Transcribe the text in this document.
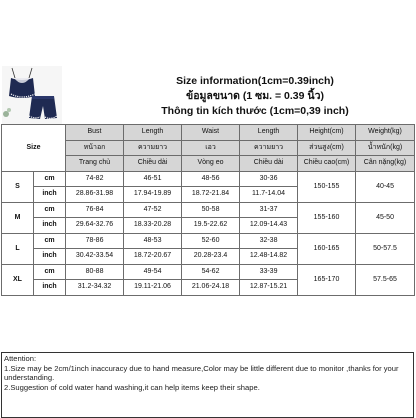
Size information(1cm=0.39inch)
ข้อมูลขนาด (1 ซม. = 0.39 นิ้ว)
Thông tin kích thước (1cm=0,39 inch)
Size		Bust	Length	Waist	Length	Height(cm)	Weight(kg)
		หน้าอก	ความยาว	เอว	ความยาว	ส่วนสูง(cm)	น้ำหนัก(kg)
		Trang chủ	Chiều dài	Vòng eo	Chiều dài	Chiều cao(cm)	Cân nặng(kg)
S	cm	74-82	46-51	48-56	30-36	150-155	40-45
	inch	28.86-31.98	17.94-19.89	18.72-21.84	11.7-14.04		
M	cm	76-84	47-52	50-58	31-37	155-160	45-50
	inch	29.64-32.76	18.33-20.28	19.5-22.62	12.09-14.43		
L	cm	78-86	48-53	52-60	32-38	160-165	50-57.5
	inch	30.42-33.54	18.72-20.67	20.28-23.4	12.48-14.82		
XL	cm	80-88	49-54	54-62	33-39	165-170	57.5-65
	inch	31.2-34.32	19.11-21.06	21.06-24.18	12.87-15.21		
Attention:
1.Size may be 2cm/1inch inaccuracy due to hand measure,Color may be little different due to monitor ,thanks for your understanding.
2.Suggestion of cold water hand washing,it can help items keep their shape.
